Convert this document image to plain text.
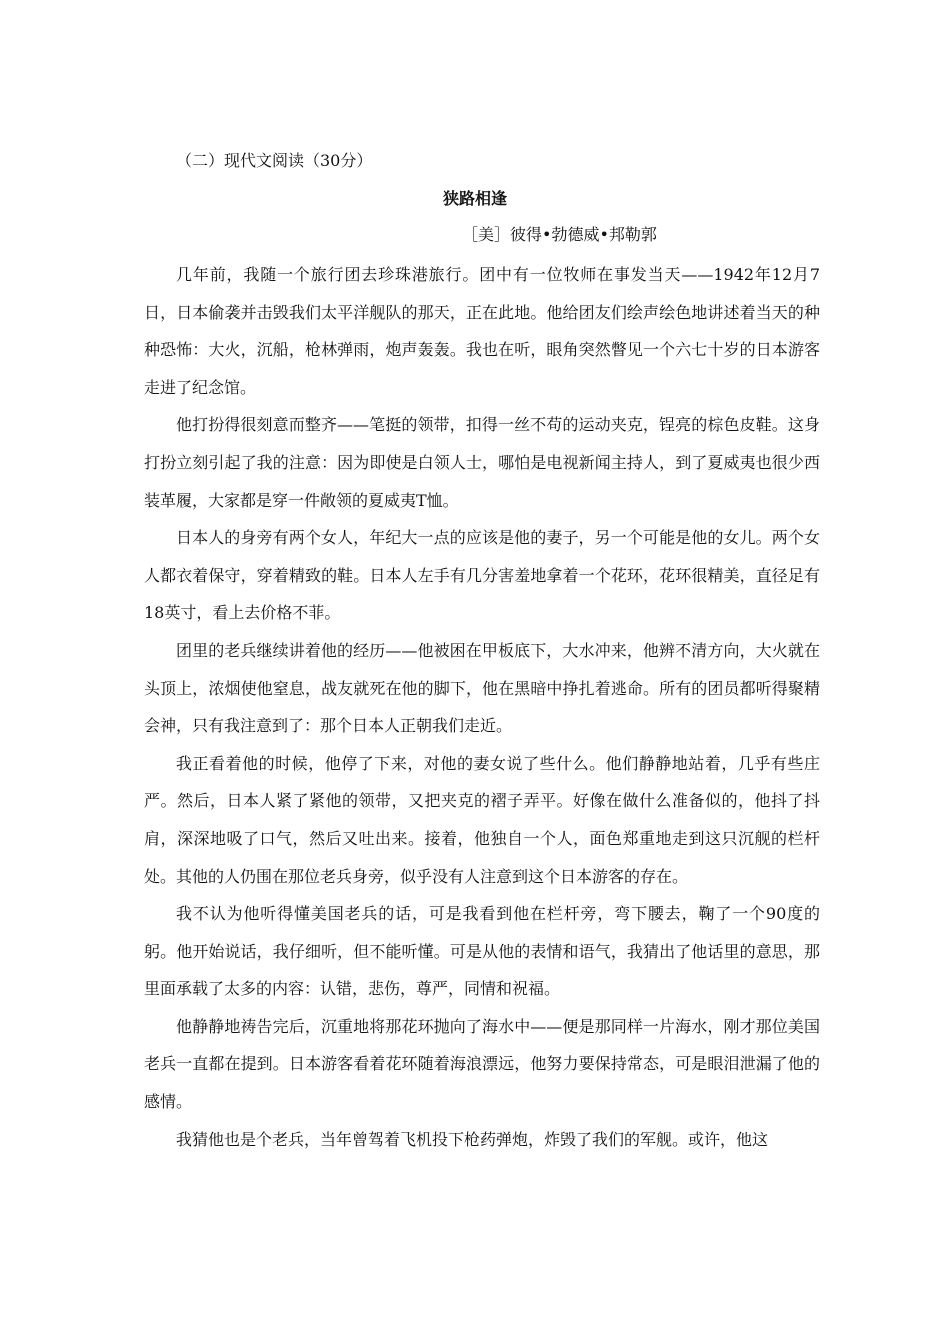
（二）现代文阅读（30分）
狭路相逢
［美］彼得•勃德威•邦勒郭

几年前，我随一个旅行团去珍珠港旅行。团中有一位牧师在事发当天——1942年12月7日，日本偷袭并击毁我们太平洋舰队的那天，正在此地。他给团友们绘声绘色地讲述着当天的种种恐怖：大火，沉船，枪林弹雨，炮声轰轰。我也在听，眼角突然瞥见一个六七十岁的日本游客走进了纪念馆。

他打扮得很刻意而整齐——笔挺的领带，扣得一丝不苟的运动夹克，锃亮的棕色皮鞋。这身打扮立刻引起了我的注意：因为即使是白领人士，哪怕是电视新闻主持人，到了夏威夷也很少西装革履，大家都是穿一件敞领的夏威夷T恤。

日本人的身旁有两个女人，年纪大一点的应该是他的妻子，另一个可能是他的女儿。两个女人都衣着保守，穿着精致的鞋。日本人左手有几分害羞地拿着一个花环，花环很精美，直径足有18英寸，看上去价格不菲。

团里的老兵继续讲着他的经历——他被困在甲板底下，大水冲来，他辨不清方向，大火就在头顶上，浓烟使他窒息，战友就死在他的脚下，他在黑暗中挣扎着逃命。所有的团员都听得聚精会神，只有我注意到了：那个日本人正朝我们走近。

我正看着他的时候，他停了下来，对他的妻女说了些什么。他们静静地站着，几乎有些庄严。然后，日本人紧了紧他的领带，又把夹克的褶子弄平。好像在做什么准备似的，他抖了抖肩，深深地吸了口气，然后又吐出来。接着，他独自一个人，面色郑重地走到这只沉舰的栏杆处。其他的人仍围在那位老兵身旁，似乎没有人注意到这个日本游客的存在。

我不认为他听得懂美国老兵的话，可是我看到他在栏杆旁，弯下腰去，鞠了一个90度的躬。他开始说话，我仔细听，但不能听懂。可是从他的表情和语气，我猜出了他话里的意思，那里面承载了太多的内容：认错，悲伤，尊严，同情和祝福。

他静静地祷告完后，沉重地将那花环抛向了海水中——便是那同样一片海水，刚才那位美国老兵一直都在提到。日本游客看着花环随着海浪漂远，他努力要保持常态，可是眼泪泄漏了他的感情。

我猜他也是个老兵，当年曾驾着飞机投下枪药弹炮，炸毁了我们的军舰。或许，他这
